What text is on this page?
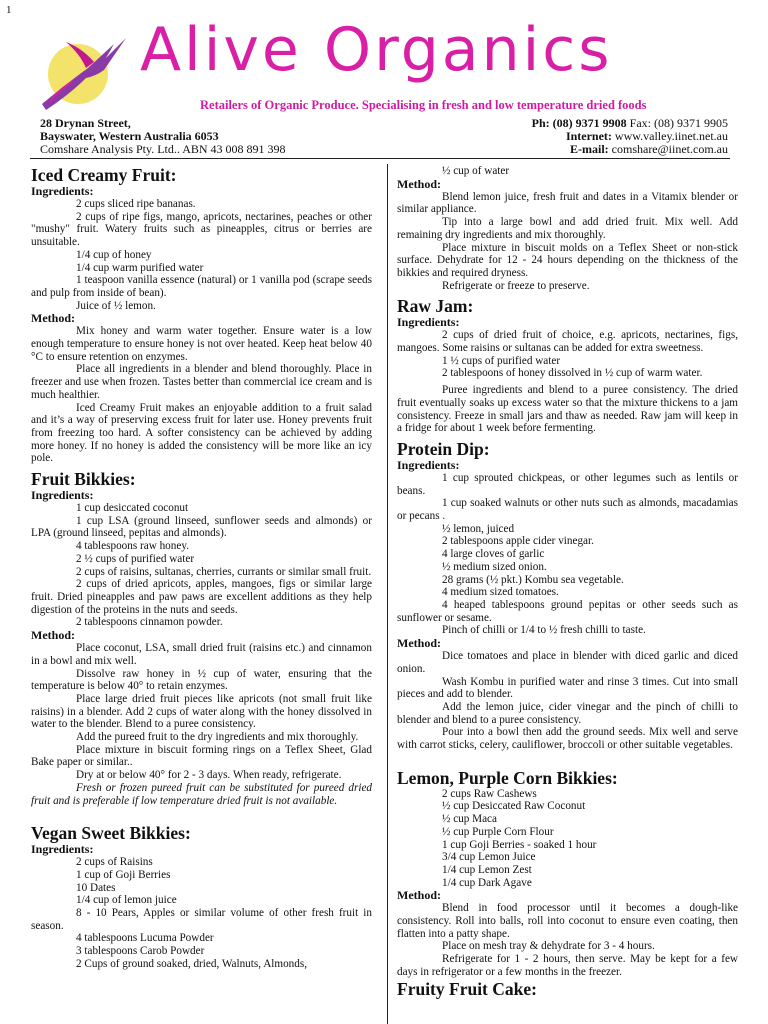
1
Alive Organics
Retailers of Organic Produce. Specialising in fresh and low temperature dried foods
28 Drynan Street,
Bayswater, Western Australia 6053
Comshare Analysis Pty. Ltd.. ABN 43 008 891 398
Ph: (08) 9371 9908 Fax: (08) 9371 9905
Internet: www.valley.iinet.net.au
E-mail: comshare@iinet.com.au
Iced Creamy Fruit:
Ingredients:
2 cups sliced ripe bananas.
2 cups of ripe figs, mango, apricots, nectarines, peaches or other "mushy" fruit. Watery fruits such as pineapples, citrus or berries are unsuitable.
1/4 cup of honey
1/4 cup warm purified water
1 teaspoon vanilla essence (natural) or 1 vanilla pod (scrape seeds and pulp from inside of bean).
Juice of ½ lemon.
Method:

Mix honey and warm water together. Ensure water is a low enough temperature to ensure honey is not over heated. Keep heat below 40 °C to ensure retention on enzymes.

Place all ingredients in a blender and blend thoroughly. Place in freezer and use when frozen. Tastes better than commercial ice cream and is much healthier.

Iced Creamy Fruit makes an enjoyable addition to a fruit salad and it’s a way of preserving excess fruit for later use. Honey prevents fruit from freezing too hard. A softer consistency can be achieved by adding more honey. If no honey is added the consistency will be more like an icy pole.

Fruit Bikkies:
Ingredients:
1 cup desiccated coconut
1 cup LSA (ground linseed, sunflower seeds and almonds) or LPA (ground linseed, pepitas and almonds).
4 tablespoons raw honey.
2 ½ cups of purified water
2 cups of raisins, sultanas, cherries, currants or similar small fruit.
2 cups of dried apricots, apples, mangoes, figs or similar large fruit. Dried pineapples and paw paws are excellent additions as they help digestion of the proteins in the nuts and seeds.
2 tablespoons cinnamon powder.
Method:

Place coconut, LSA, small dried fruit (raisins etc.) and cinnamon in a bowl and mix well.

Dissolve raw honey in ½ cup of water, ensuring that the temperature is below 40° to retain enzymes.

Place large dried fruit pieces like apricots (not small fruit like raisins) in a blender. Add 2 cups of water along with the honey dissolved in water to the blender. Blend to a puree consistency.

Add the pureed fruit to the dry ingredients and mix thoroughly.

Place mixture in biscuit forming rings on a Teflex Sheet, Glad Bake paper or similar..

Dry at or below 40° for 2 - 3 days. When ready, refrigerate.

Fresh or frozen pureed fruit can be substituted for pureed dried fruit and is preferable if low temperature dried fruit is not available.

Vegan Sweet Bikkies:
Ingredients:
2 cups of Raisins
1 cup of Goji Berries
10 Dates
1/4 cup of lemon juice
8 - 10 Pears, Apples or similar volume of other fresh fruit in season.
4 tablespoons Lucuma Powder
3 tablespoons Carob Powder
2 Cups of ground soaked, dried, Walnuts, Almonds,
½ cup of water
Method:

Blend lemon juice, fresh fruit and dates in a Vitamix blender or similar appliance.

Tip into a large bowl and add dried fruit. Mix well. Add remaining dry ingredients and mix thoroughly.

Place mixture in biscuit molds on a Teflex Sheet or non-stick surface. Dehydrate for 12 - 24 hours depending on the thickness of the bikkies and required dryness.

Refrigerate or freeze to preserve.

Raw Jam:
Ingredients:
2 cups of dried fruit of choice, e.g. apricots, nectarines, figs, mangoes. Some raisins or sultanas can be added for extra sweetness.
1 ½ cups of purified water
2 tablespoons of honey dissolved in ½ cup of warm water.

Puree ingredients and blend to a puree consistency. The dried fruit eventually soaks up excess water so that the mixture thickens to a jam consistency. Freeze in small jars and thaw as needed. Raw jam will keep in a fridge for about 1 week before fermenting.

Protein Dip:
Ingredients:
1 cup sprouted chickpeas, or other legumes such as lentils or beans.
1 cup soaked walnuts or other nuts such as almonds, macadamias or pecans .
½ lemon, juiced
2 tablespoons apple cider vinegar.
4 large cloves of garlic
½ medium sized onion.
28 grams (½ pkt.) Kombu sea vegetable.
4 medium sized tomatoes.
4 heaped tablespoons ground pepitas or other seeds such as sunflower or sesame.
Pinch of chilli or 1/4 to ½ fresh chilli to taste.
Method:

Dice tomatoes and place in blender with diced garlic and diced onion.

Wash Kombu in purified water and rinse 3 times. Cut into small pieces and add to blender.

Add the lemon juice, cider vinegar and the pinch of chilli to blender and blend to a puree consistency.

Pour into a bowl then add the ground seeds. Mix well and serve with carrot sticks, celery, cauliflower, broccoli or other suitable vegetables.

Lemon, Purple Corn Bikkies:
2 cups Raw Cashews
½ cup Desiccated Raw Coconut
½ cup Maca
½ cup Purple Corn Flour
1 cup Goji Berries - soaked 1 hour
3/4 cup Lemon Juice
1/4 cup Lemon Zest
1/4 cup Dark Agave
Method:

Blend in food processor until it becomes a dough-like consistency. Roll into balls, roll into coconut to ensure even coating, then flatten into a patty shape.

Place on mesh tray & dehydrate for 3 - 4 hours.

Refrigerate for 1 - 2 hours, then serve. May be kept for a few days in refrigerator or a few months in the freezer.

Fruity Fruit Cake:
